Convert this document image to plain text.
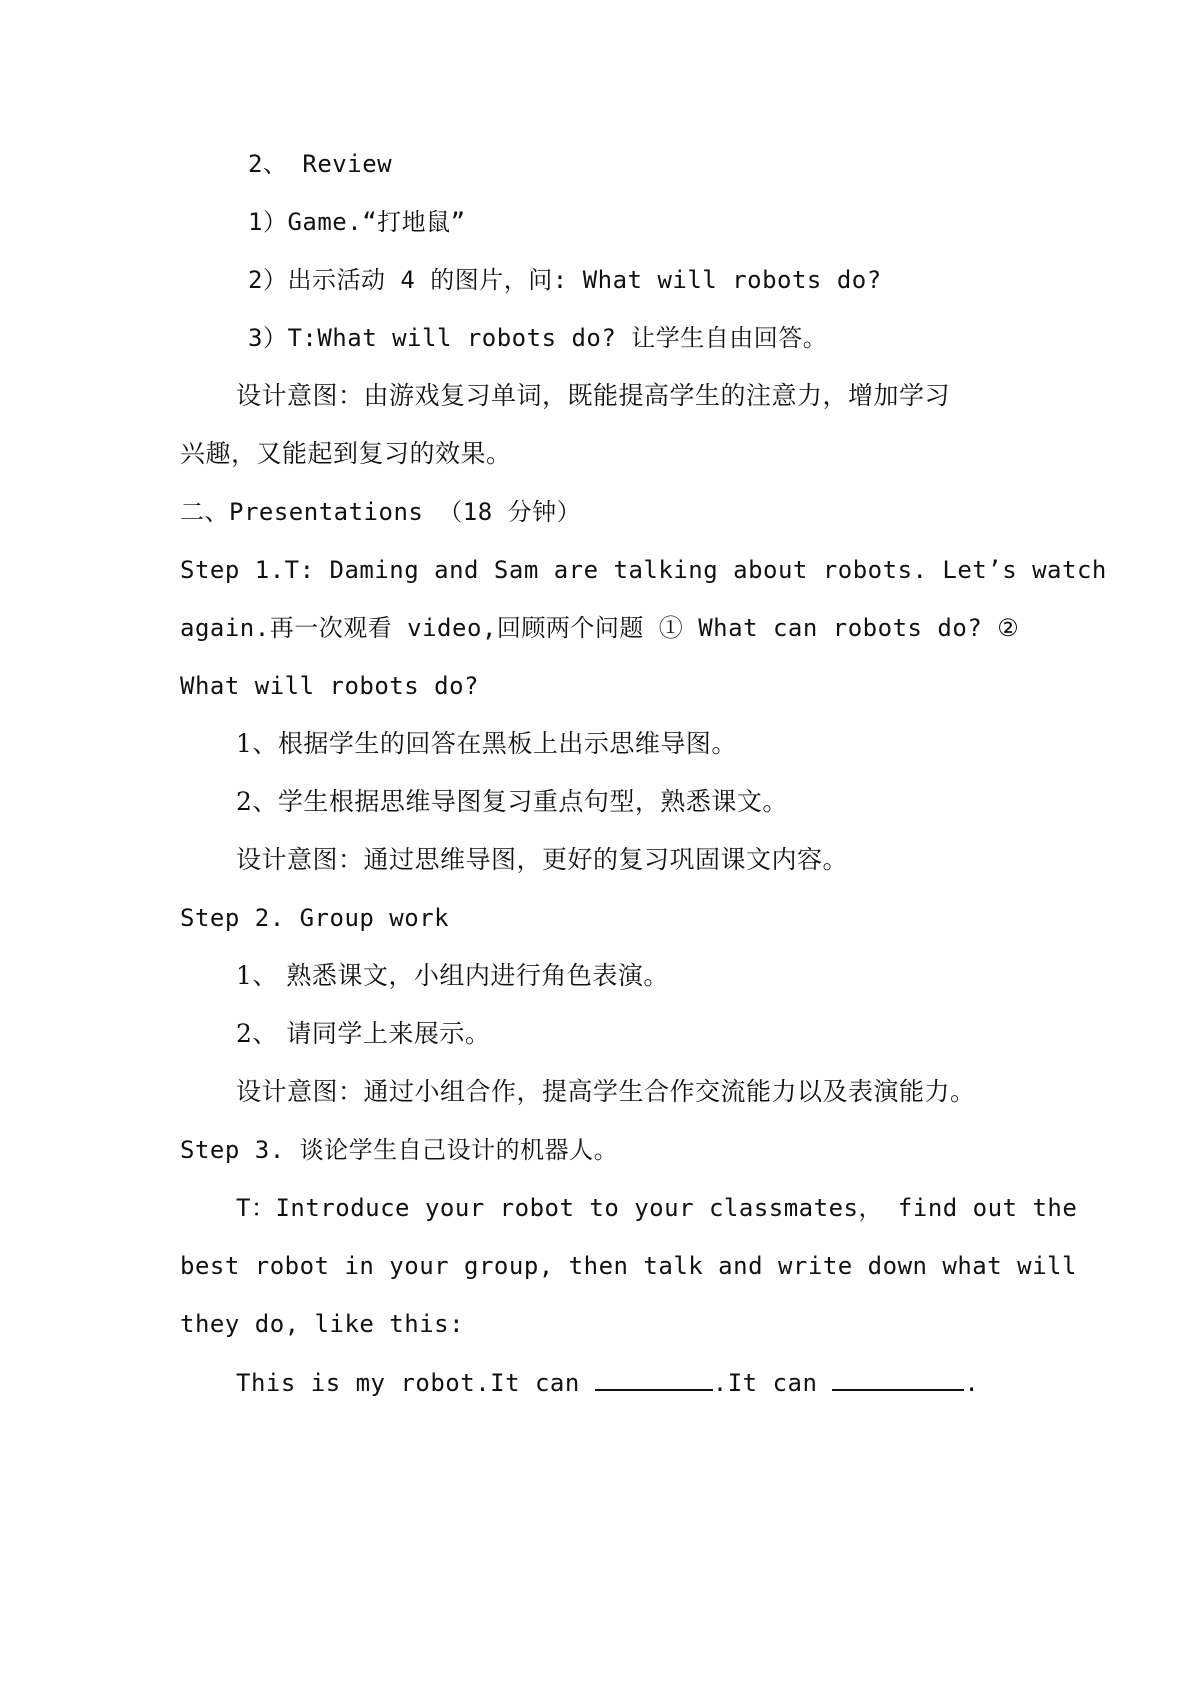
2、 Review
1）Game.“打地鼠”
2）出示活动 4 的图片，问: What will robots do?
3）T:What will robots do? 让学生自由回答。
设计意图：由游戏复习单词，既能提高学生的注意力，增加学习
兴趣，又能起到复习的效果。
二、Presentations （18 分钟）
Step 1.T: Daming and Sam are talking about robots. Let’s watch
again.再一次观看 video,回顾两个问题 ① What can robots do? ②
What will robots do?
1、根据学生的回答在黑板上出示思维导图。
2、学生根据思维导图复习重点句型，熟悉课文。
设计意图：通过思维导图，更好的复习巩固课文内容。
Step 2. Group work
1、 熟悉课文，小组内进行角色表演。
2、 请同学上来展示。
设计意图：通过小组合作，提高学生合作交流能力以及表演能力。
Step 3. 谈论学生自己设计的机器人。
T：Introduce your robot to your classmates， find out the
best robot in your group, then talk and write down what will
they do, like this:
This is my robot.It can	.It can	.
